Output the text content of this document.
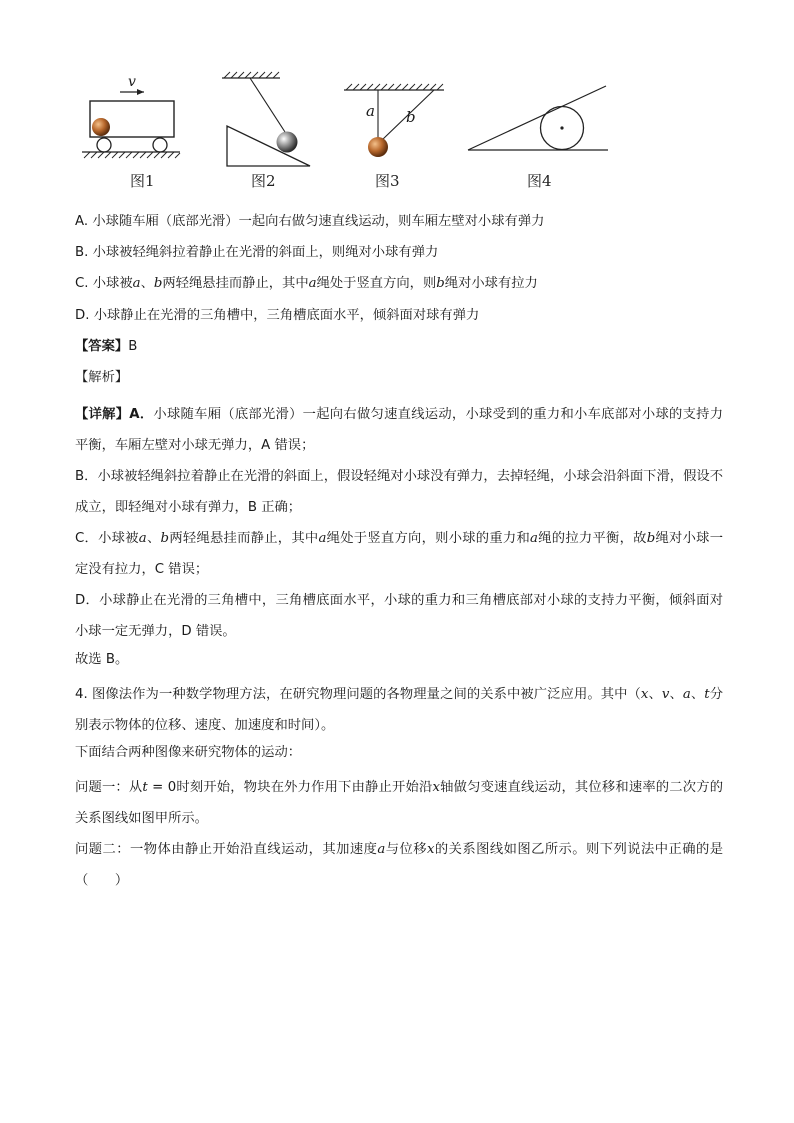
v
a b
图1	图2	图3	图4
A. 小球随车厢（底部光滑）一起向右做匀速直线运动，则车厢左壁对小球有弹力
B. 小球被轻绳斜拉着静止在光滑的斜面上，则绳对小球有弹力
C. 小球被a、b两轻绳悬挂而静止，其中a绳处于竖直方向，则b绳对小球有拉力
D. 小球静止在光滑的三角槽中，三角槽底面水平，倾斜面对球有弹力
【答案】B
【解析】
【详解】A．小球随车厢（底部光滑）一起向右做匀速直线运动，小球受到的重力和小车底部对小球的支持力平衡，车厢左壁对小球无弹力，A 错误；
B．小球被轻绳斜拉着静止在光滑的斜面上，假设轻绳对小球没有弹力，去掉轻绳，小球会沿斜面下滑，假设不成立，即轻绳对小球有弹力，B 正确；
C．小球被a、b两轻绳悬挂而静止，其中a绳处于竖直方向，则小球的重力和a绳的拉力平衡，故b绳对小球一定没有拉力，C 错误；
D．小球静止在光滑的三角槽中，三角槽底面水平，小球的重力和三角槽底部对小球的支持力平衡，倾斜面对小球一定无弹力，D 错误。
故选 B。
4. 图像法作为一种数学物理方法，在研究物理问题的各物理量之间的关系中被广泛应用。其中（x、v、a、t分别表示物体的位移、速度、加速度和时间）。
下面结合两种图像来研究物体的运动：
问题一：从t = 0时刻开始，物块在外力作用下由静止开始沿x轴做匀变速直线运动，其位移和速率的二次方的关系图线如图甲所示。
问题二：一物体由静止开始沿直线运动，其加速度a与位移x的关系图线如图乙所示。则下列说法中正确的是（　　）
